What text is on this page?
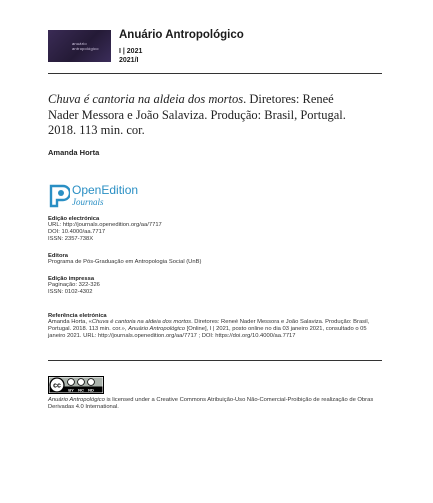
anuário
antropológico
Anuário Antropológico
I | 2021
2021/I
Chuva é cantoria na aldeia dos mortos. Diretores: Reneé Nader Messora e João Salaviza. Produção: Brasil, Portugal. 2018. 113 min. cor.
Amanda Horta
OpenEdition
Journals
Edição electrónica
URL: http://journals.openedition.org/aa/7717
DOI: 10.4000/aa.7717
ISSN: 2357-738X
Editora
Programa de Pós-Graduação em Antropologia Social (UnB)
Edição impressa
Paginação: 322-326
ISSN: 0102-4302
Referência eletrónica
Amanda Horta, «Chuva é cantoria na aldeia dos mortos. Diretores: Reneé Nader Messora e João Salaviza. Produção: Brasil, Portugal. 2018. 113 min. cor.», Anuário Antropológico [Online], I | 2021, posto online no dia 03 janeiro 2021, consultado o 05 janeiro 2021. URL: http://journals.openedition.org/aa/7717 ; DOI: https://doi.org/10.4000/aa.7717
cc
BY NC ND
Anuário Antropológico is licensed under a Creative Commons Atribuição-Uso Não-Comercial-Proibição de realização de Obras Derivadas 4.0 International.
